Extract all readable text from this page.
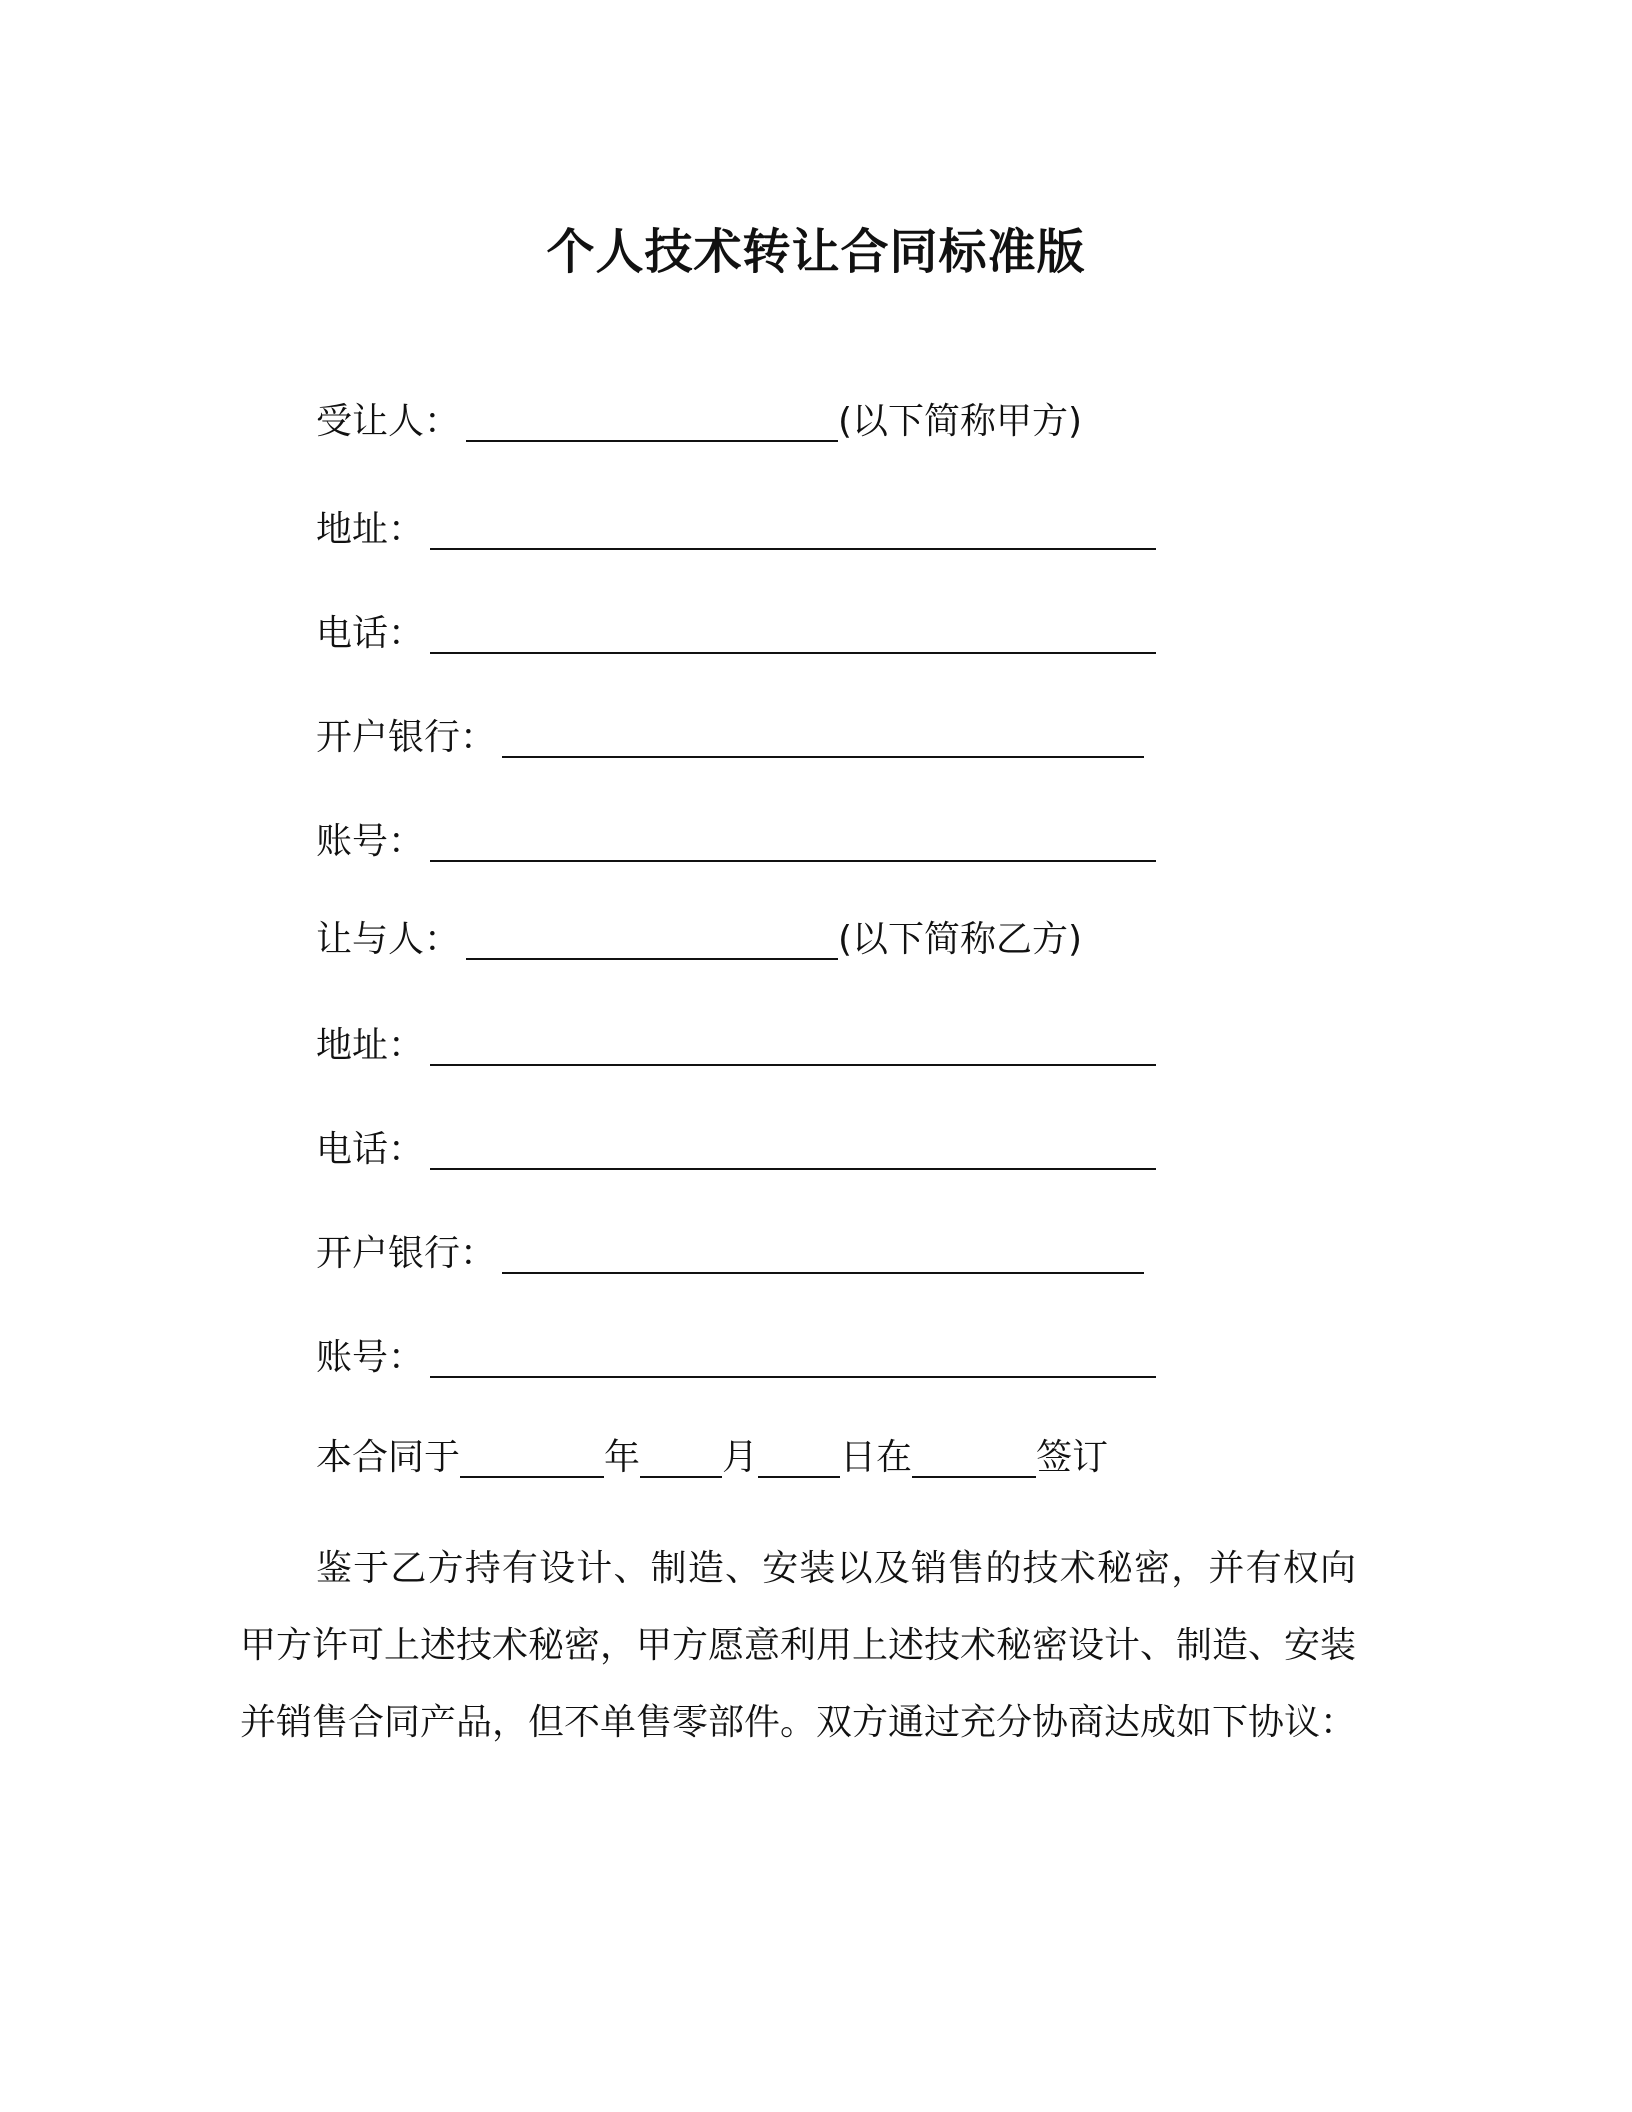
个人技术转让合同标准版
受让人：	(以下简称甲方)
地址：
电话：
开户银行：
账号：
让与人：	(以下简称乙方)
地址：
电话：
开户银行：
账号：
本合同于	年 月 日在	签订

鉴于乙方持有设计、制造、安装以及销售的技术秘密，并有权向甲方许可上述技术秘密，甲方愿意利用上述技术秘密设计、制造、安装并销售合同产品，但不单售零部件。双方通过充分协商达成如下协议：
